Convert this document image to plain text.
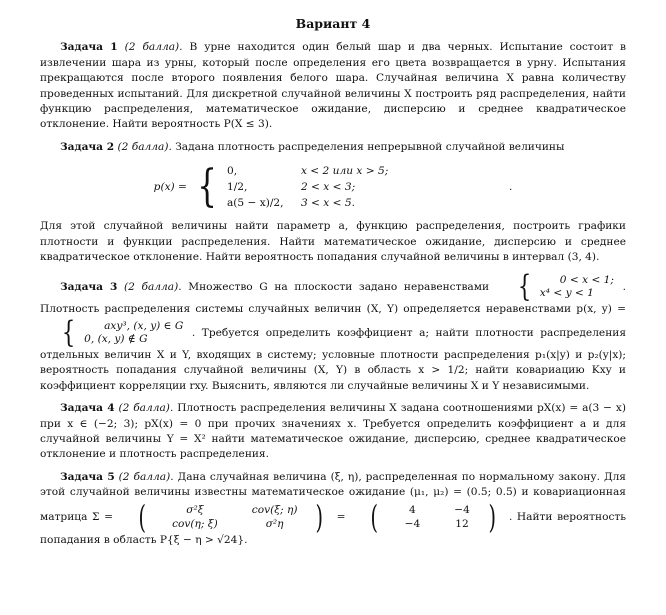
Вариант 4
Задача 1 (2 балла). В урне находится один белый шар и два черных. Испытание состоит в извлечении шара из урны, который после определения его цвета возвращается в урну. Испытания прекращаются после второго появления белого шара. Случайная величина X равна количеству проведенных испытаний. Для дискретной случайной величины X построить ряд распределения, найти функцию распределения, математическое ожидание, дисперсию и среднее квадратическое отклонение. Найти вероятность P(X ≤ 3).
Задача 2 (2 балла). Задана плотность распределения непрерывной случайной величины
p(x) = { 0,	x < 2 или x > 5;
1/2,	2 < x < 3;
a(5 − x)/2,	3 < x < 5.
.
Для этой случайной величины найти параметр a, функцию распределения, построить графики плотности и функции распределения. Найти математическое ожидание, дисперсию и среднее квадратическое отклонение. Найти вероятность попадания случайной величины в интервал (3, 4).
Задача 3 (2 балла). Множество G на плоскости задано неравенствами {	0 < x < 1;
x⁴ < y < 1	. Плотность распределения системы случайных величин (X, Y) определяется неравенствами p(x, y) =
{	axy³, (x, y) ∈ G
0, (x, y) ∉ G	. Требуется определить коэффициент a; найти плотности распределения отдельных величин X и Y, входящих в систему; условные плотности распределения p₁(x|y) и p₂(y|x); вероятность попадания случайной величины (X, Y) в область x > 1/2; найти ковариацию Kxy и коэффициент корреляции rxy. Выяснить, являются ли случайные величины X и Y независимыми.
Задача 4 (2 балла). Плотность распределения величины X задана соотношениями pX(x) = a(3 − x) при x ∈ (−2; 3); pX(x) = 0 при прочих значениях x. Требуется определить коэффициент a и для случайной величины Y = X² найти математическое ожидание, дисперсию, среднее квадратическое отклонение и плотность распределения.
Задача 5 (2 балла). Дана случайная величина (ξ, η), распределенная по нормальному закону. Для этой случайной величины известны математическое ожидание (μ₁, μ₂) = (0.5; 0.5) и ковариационная матрица Σ = (	σ²ξ	cov(ξ; η)
cov(η; ξ)	σ²η	) = (	4	−4
−4	12 ) . Найти вероятность попадания в область P{ξ − η > √24}.
